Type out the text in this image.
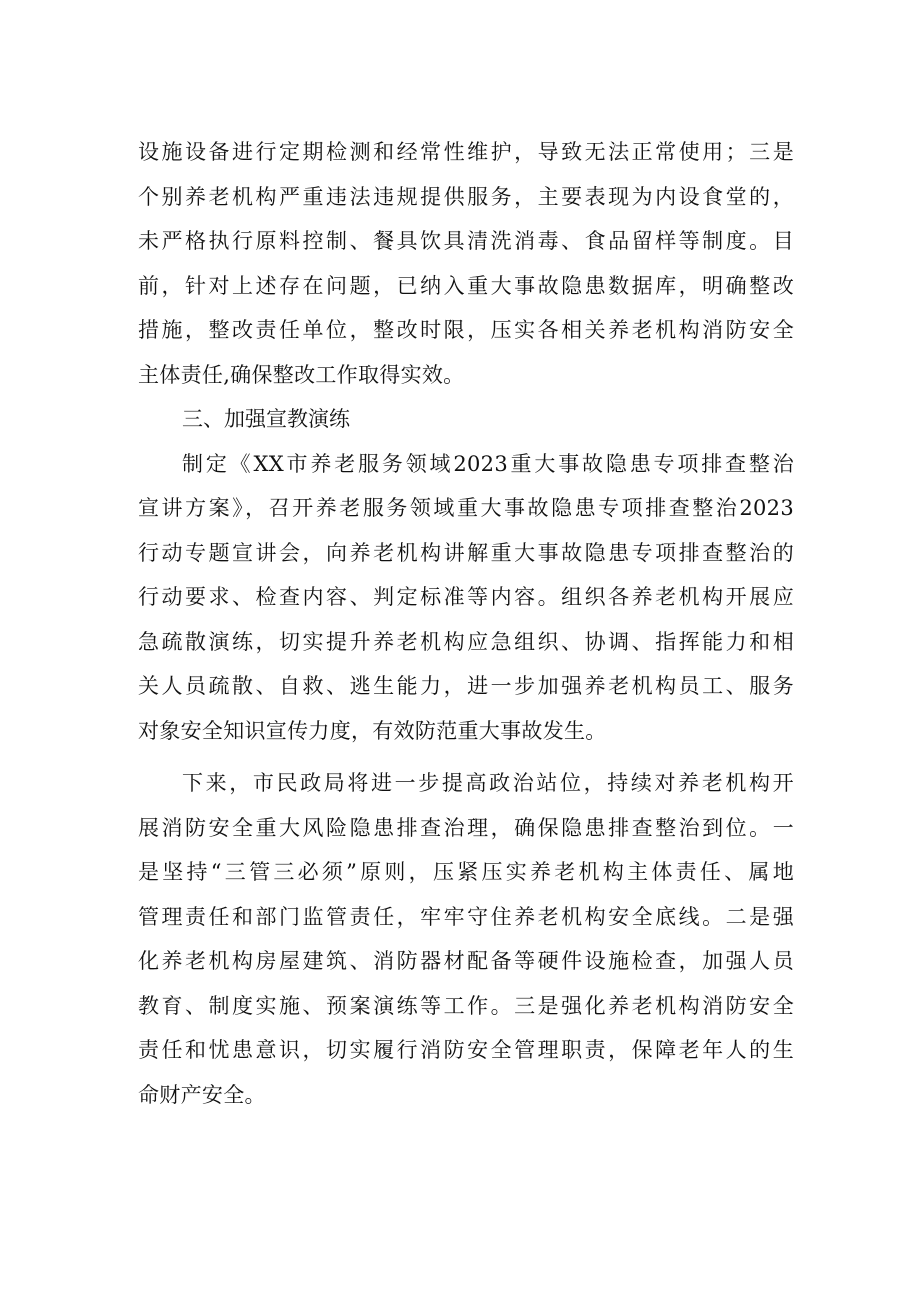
设施设备进行定期检测和经常性维护，导致无法正常使用；三是
个别养老机构严重违法违规提供服务，主要表现为内设食堂的，
未严格执行原料控制、餐具饮具清洗消毒、食品留样等制度。目
前，针对上述存在问题，已纳入重大事故隐患数据库，明确整改
措施，整改责任单位，整改时限，压实各相关养老机构消防安全
主体责任,确保整改工作取得实效。

三、加强宣教演练

制定《XX市养老服务领域2023重大事故隐患专项排查整治
宣讲方案》，召开养老服务领域重大事故隐患专项排查整治2023
行动专题宣讲会，向养老机构讲解重大事故隐患专项排查整治的
行动要求、检查内容、判定标准等内容。组织各养老机构开展应
急疏散演练，切实提升养老机构应急组织、协调、指挥能力和相
关人员疏散、自救、逃生能力，进一步加强养老机构员工、服务
对象安全知识宣传力度，有效防范重大事故发生。

下来，市民政局将进一步提高政治站位，持续对养老机构开
展消防安全重大风险隐患排查治理，确保隐患排查整治到位。一
是坚持“三管三必须”原则，压紧压实养老机构主体责任、属地
管理责任和部门监管责任，牢牢守住养老机构安全底线。二是强
化养老机构房屋建筑、消防器材配备等硬件设施检查，加强人员
教育、制度实施、预案演练等工作。三是强化养老机构消防安全
责任和忧患意识，切实履行消防安全管理职责，保障老年人的生
命财产安全。
